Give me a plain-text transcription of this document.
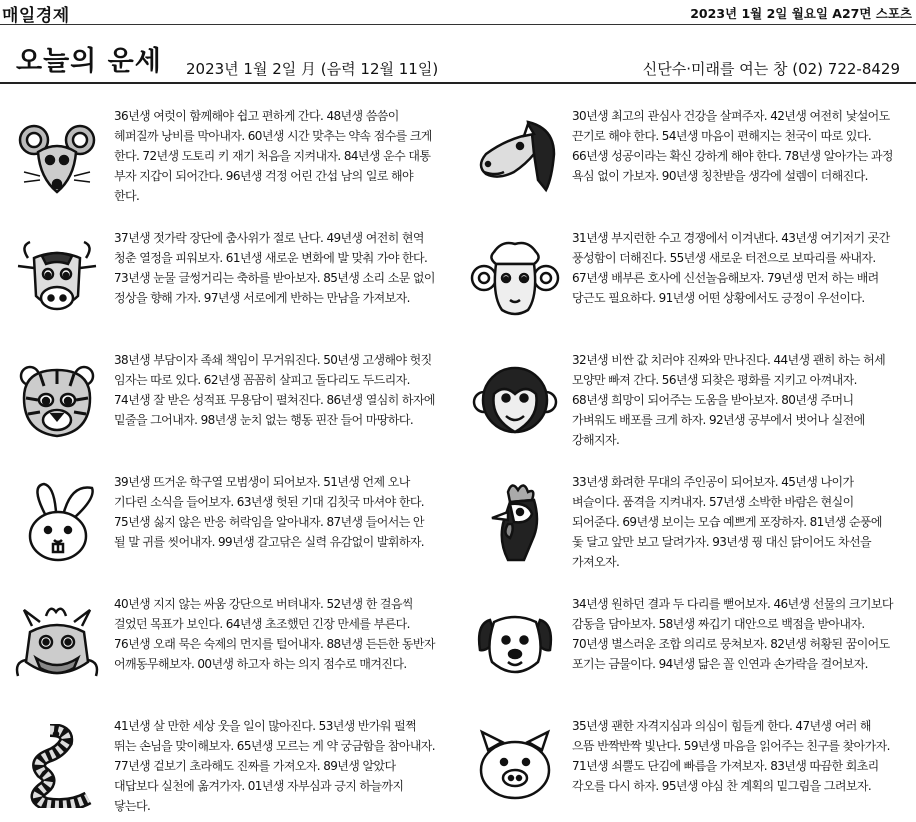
매일경제	2023년 1월 2일 월요일 A27면 스포츠
오늘의 운세 2023년 1월 2일 月 (음력 12월 11일)	신단수·미래를 여는 창 (02) 722-8429
36년생 여럿이 함께해야 쉽고 편하게 간다. 48년생 씀씀이 헤퍼질까 낭비를 막아내자. 60년생 시간 맞추는 약속 점수를 크게 한다. 72년생 도토리 키 재기 처음을 지켜내자. 84년생 운수 대통 부자 지갑이 되어간다. 96년생 걱정 어린 간섭 남의 일로 해야 한다.
37년생 젓가락 장단에 춤사위가 절로 난다. 49년생 여전히 현역 청춘 열정을 피워보자. 61년생 새로운 변화에 발 맞춰 가야 한다. 73년생 눈물 글썽거리는 축하를 받아보자. 85년생 소리 소문 없이 정상을 향해 가자. 97년생 서로에게 반하는 만남을 가져보자.
38년생 부담이자 족쇄 책임이 무거워진다. 50년생 고생해야 헛짓 임자는 따로 있다. 62년생 꼼꼼히 살피고 돌다리도 두드리자. 74년생 잘 받은 성적표 무용담이 펼쳐진다. 86년생 열심히 하자에 밑줄을 그어내자. 98년생 눈치 없는 행동 핀잔 들어 마땅하다.
39년생 뜨거운 학구열 모범생이 되어보자. 51년생 언제 오나 기다린 소식을 들어보자. 63년생 헛된 기대 김칫국 마셔야 한다. 75년생 싫지 않은 반응 허락임을 알아내자. 87년생 들어서는 안 될 말 귀를 씻어내자. 99년생 갈고닦은 실력 유감없이 발휘하자.
40년생 지지 않는 싸움 강단으로 버텨내자. 52년생 한 걸음씩 걸었던 목표가 보인다. 64년생 초조했던 긴장 만세를 부른다. 76년생 오래 묵은 숙제의 먼지를 털어내자. 88년생 든든한 동반자 어깨동무해보자. 00년생 하고자 하는 의지 점수로 매겨진다.
41년생 살 만한 세상 웃을 일이 많아진다. 53년생 반가워 펄쩍 뛰는 손님을 맞이해보자. 65년생 모르는 게 약 궁금함을 참아내자. 77년생 겉보기 초라해도 진짜를 가져오자. 89년생 알았다 대답보다 실천에 옮겨가자. 01년생 자부심과 긍지 하늘까지 닿는다.
30년생 최고의 관심사 건강을 살펴주자. 42년생 여전히 낯설어도 끈기로 해야 한다. 54년생 마음이 편해지는 천국이 따로 있다. 66년생 성공이라는 확신 강하게 해야 한다. 78년생 알아가는 과정 욕심 없이 가보자. 90년생 칭찬받을 생각에 설렘이 더해진다.
31년생 부지런한 수고 경쟁에서 이겨낸다. 43년생 여기저기 곳간 풍성함이 더해진다. 55년생 새로운 터전으로 보따리를 싸내자. 67년생 배부른 호사에 신선놀음해보자. 79년생 먼저 하는 배려 당근도 필요하다. 91년생 어떤 상황에서도 긍정이 우선이다.
32년생 비싼 값 치러야 진짜와 만나진다. 44년생 괜히 하는 허세 모양만 빠져 간다. 56년생 되찾은 평화를 지키고 아껴내자. 68년생 희망이 되어주는 도움을 받아보자. 80년생 주머니 가벼워도 배포를 크게 하자. 92년생 공부에서 벗어나 실전에 강해지자.
33년생 화려한 무대의 주인공이 되어보자. 45년생 나이가 벼슬이다. 품격을 지켜내자. 57년생 소박한 바람은 현실이 되어준다. 69년생 보이는 모습 예쁘게 포장하자. 81년생 순풍에 돛 달고 앞만 보고 달려가자. 93년생 꿩 대신 닭이어도 차선을 가져오자.
34년생 원하던 결과 두 다리를 뻗어보자. 46년생 선물의 크기보다 감동을 담아보자. 58년생 짜깁기 대안으로 백점을 받아내자. 70년생 별스러운 조합 의리로 뭉쳐보자. 82년생 허황된 꿈이어도 포기는 금물이다. 94년생 닮은 꼴 인연과 손가락을 걸어보자.
35년생 괜한 자격지심과 의심이 힘들게 한다. 47년생 여러 해 으뜸 반짝반짝 빛난다. 59년생 마음을 읽어주는 친구를 찾아가자. 71년생 쇠뿔도 단김에 빠름을 가져보자. 83년생 따끔한 회초리 각오를 다시 하자. 95년생 야심 찬 계획의 밑그림을 그려보자.
